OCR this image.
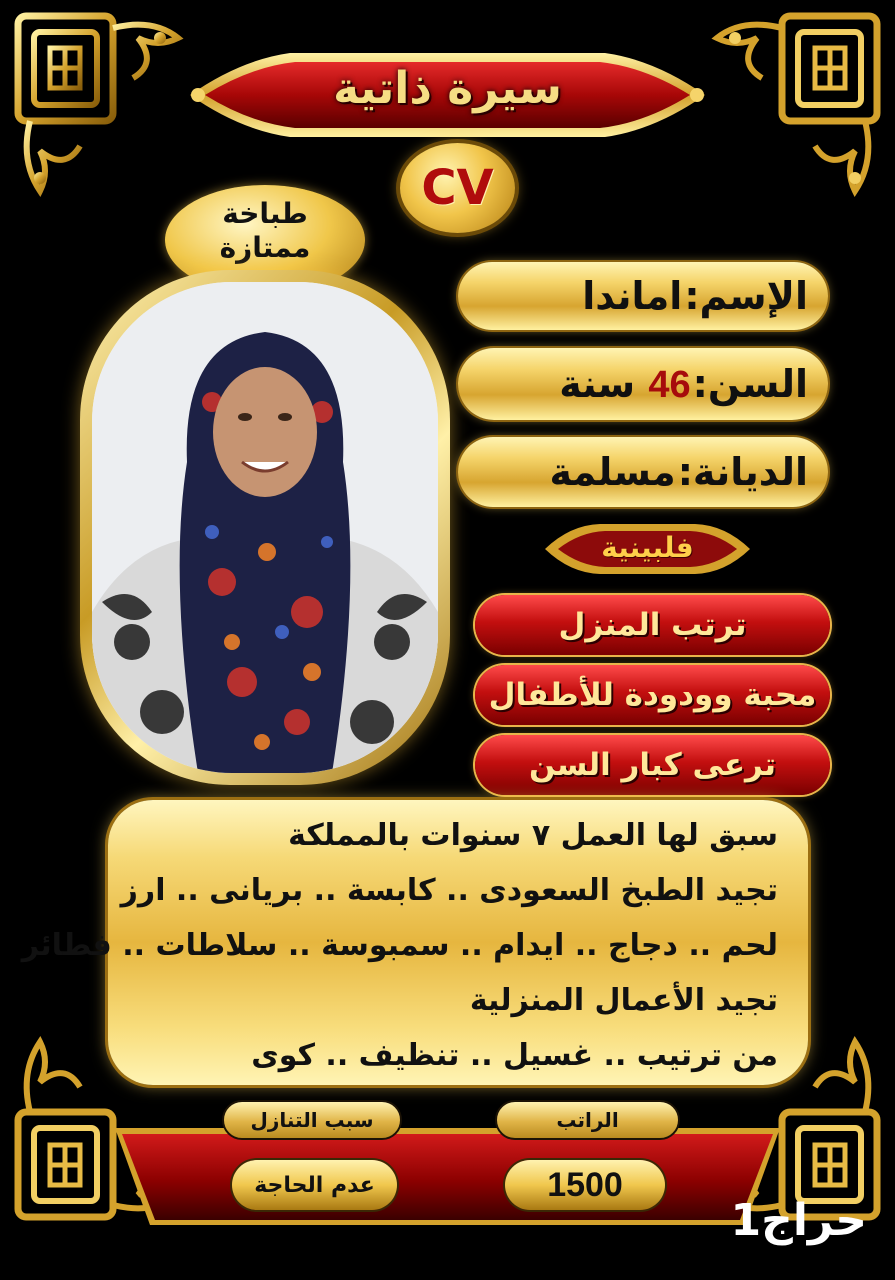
سيرة ذاتية
CV
طباخة
ممتازة
الإسم:اماندا
السن:46 سنة
الديانة:مسلمة
فلبينية
ترتب المنزل
محبة وودودة للأطفال
ترعى كبار السن
سبق لها العمل ٧ سنوات بالمملكة
تجيد الطبخ السعودى .. كابسة .. بريانى .. ارز
لحم .. دجاج .. ايدام .. سمبوسة .. سلاطات .. فطائر
تجيد الأعمال المنزلية
من ترتيب .. غسيل .. تنظيف .. كوى
الراتب
سبب التنازل
1500
عدم الحاجة
حراج1
